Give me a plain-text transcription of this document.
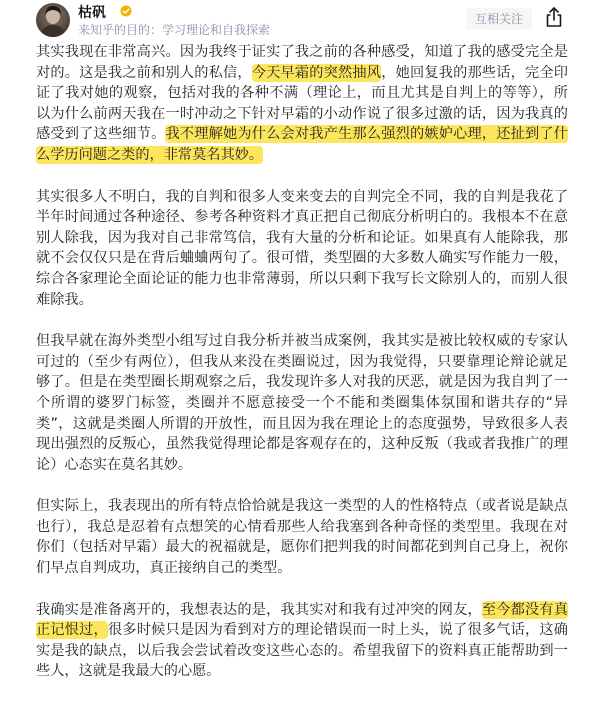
枯矾
来知乎的目的：学习理论和自我探索
互相关注

其实我现在非常高兴。因为我终于证实了我之前的各种感受，知道了我的感受完全是对的。这是我之前和别人的私信，今天早霜的突然抽风，她回复我的那些话，完全印证了我对她的观察，包括对我的各种不满（理论上，而且尤其是自判上的等等），所以为什么前两天我在一时冲动之下针对早霜的小动作说了很多过激的话，因为我真的感受到了这些细节。我不理解她为什么会对我产生那么强烈的嫉妒心理，还扯到了什么学历问题之类的，非常莫名其妙。

其实很多人不明白，我的自判和很多人变来变去的自判完全不同，我的自判是我花了半年时间通过各种途径、参考各种资料才真正把自己彻底分析明白的。我根本不在意别人除我，因为我对自己非常笃信，我有大量的分析和论证。如果真有人能除我，那就不会仅仅只是在背后蛐蛐两句了。很可惜，类型圈的大多数人确实写作能力一般，综合各家理论全面论证的能力也非常薄弱，所以只剩下我写长文除别人的，而别人很难除我。

但我早就在海外类型小组写过自我分析并被当成案例，我其实是被比较权威的专家认可过的（至少有两位），但我从来没在类圈说过，因为我觉得，只要靠理论辩论就足够了。但是在类型圈长期观察之后，我发现许多人对我的厌恶，就是因为我自判了一个所谓的婆罗门标签，类圈并不愿意接受一个不能和类圈集体氛围和谐共存的“异类”，这就是类圈人所谓的开放性，而且因为我在理论上的态度强势，导致很多人表现出强烈的反叛心，虽然我觉得理论都是客观存在的，这种反叛（我或者我推广的理论）心态实在莫名其妙。

但实际上，我表现出的所有特点恰恰就是我这一类型的人的性格特点（或者说是缺点也行），我总是忍着有点想笑的心情看那些人给我塞到各种奇怪的类型里。我现在对你们（包括对早霜）最大的祝福就是，愿你们把判我的时间都花到判自己身上，祝你们早点自判成功，真正接纳自己的类型。

我确实是准备离开的，我想表达的是，我其实对和我有过冲突的网友，至今都没有真正记恨过，很多时候只是因为看到对方的理论错误而一时上头，说了很多气话，这确实是我的缺点，以后我会尝试着改变这些心态的。希望我留下的资料真正能帮助到一些人，这就是我最大的心愿。
